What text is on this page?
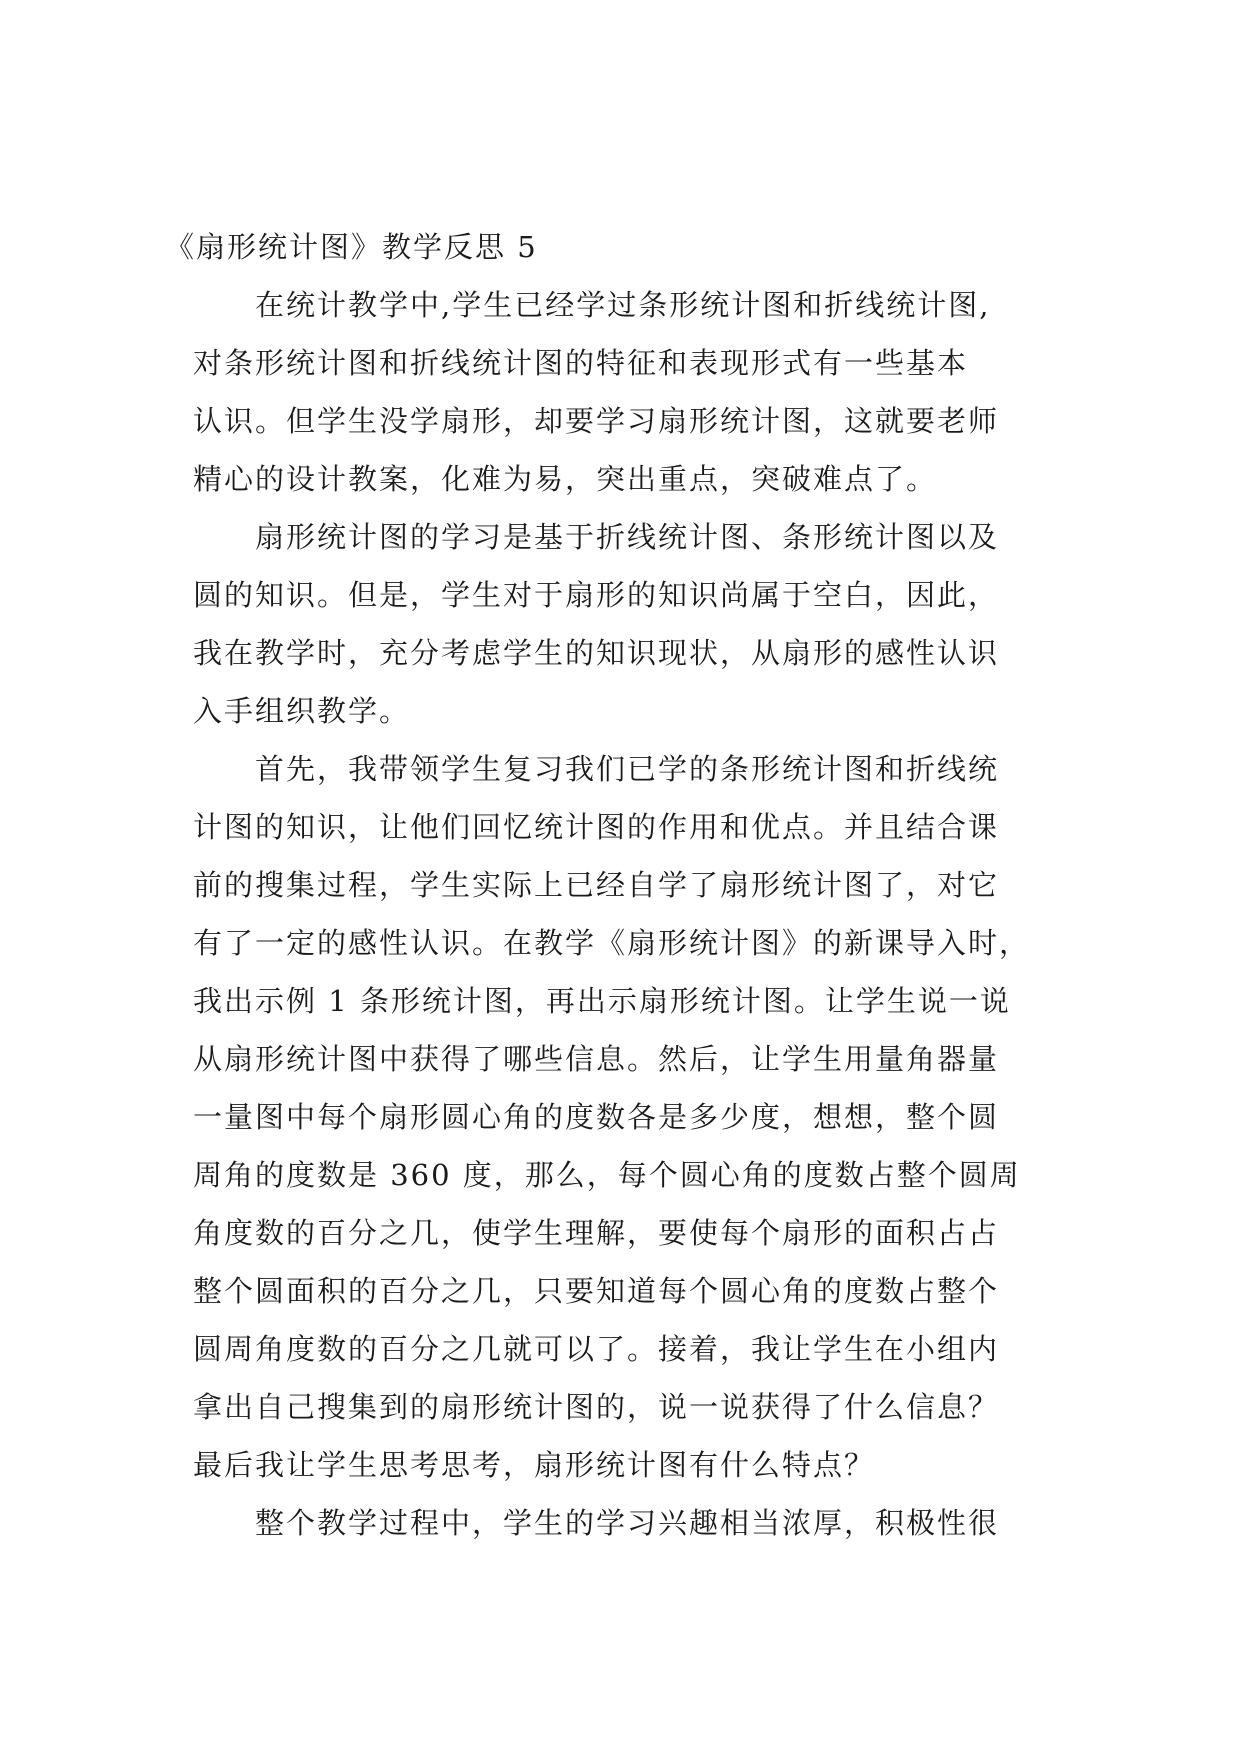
《扇形统计图》教学反思 5
在统计教学中,学生已经学过条形统计图和折线统计图,
对条形统计图和折线统计图的特征和表现形式有一些基本
认识。但学生没学扇形，却要学习扇形统计图，这就要老师
精心的设计教案，化难为易，突出重点，突破难点了。
扇形统计图的学习是基于折线统计图、条形统计图以及
圆的知识。但是，学生对于扇形的知识尚属于空白，因此，
我在教学时，充分考虑学生的知识现状，从扇形的感性认识
入手组织教学。
首先，我带领学生复习我们已学的条形统计图和折线统
计图的知识，让他们回忆统计图的作用和优点。并且结合课
前的搜集过程，学生实际上已经自学了扇形统计图了，对它
有了一定的感性认识。在教学《扇形统计图》的新课导入时，
我出示例 1 条形统计图，再出示扇形统计图。让学生说一说
从扇形统计图中获得了哪些信息。然后，让学生用量角器量
一量图中每个扇形圆心角的度数各是多少度，想想，整个圆
周角的度数是 360 度，那么，每个圆心角的度数占整个圆周
角度数的百分之几，使学生理解，要使每个扇形的面积占占
整个圆面积的百分之几，只要知道每个圆心角的度数占整个
圆周角度数的百分之几就可以了。接着，我让学生在小组内
拿出自己搜集到的扇形统计图的，说一说获得了什么信息？
最后我让学生思考思考，扇形统计图有什么特点？
整个教学过程中，学生的学习兴趣相当浓厚，积极性很
